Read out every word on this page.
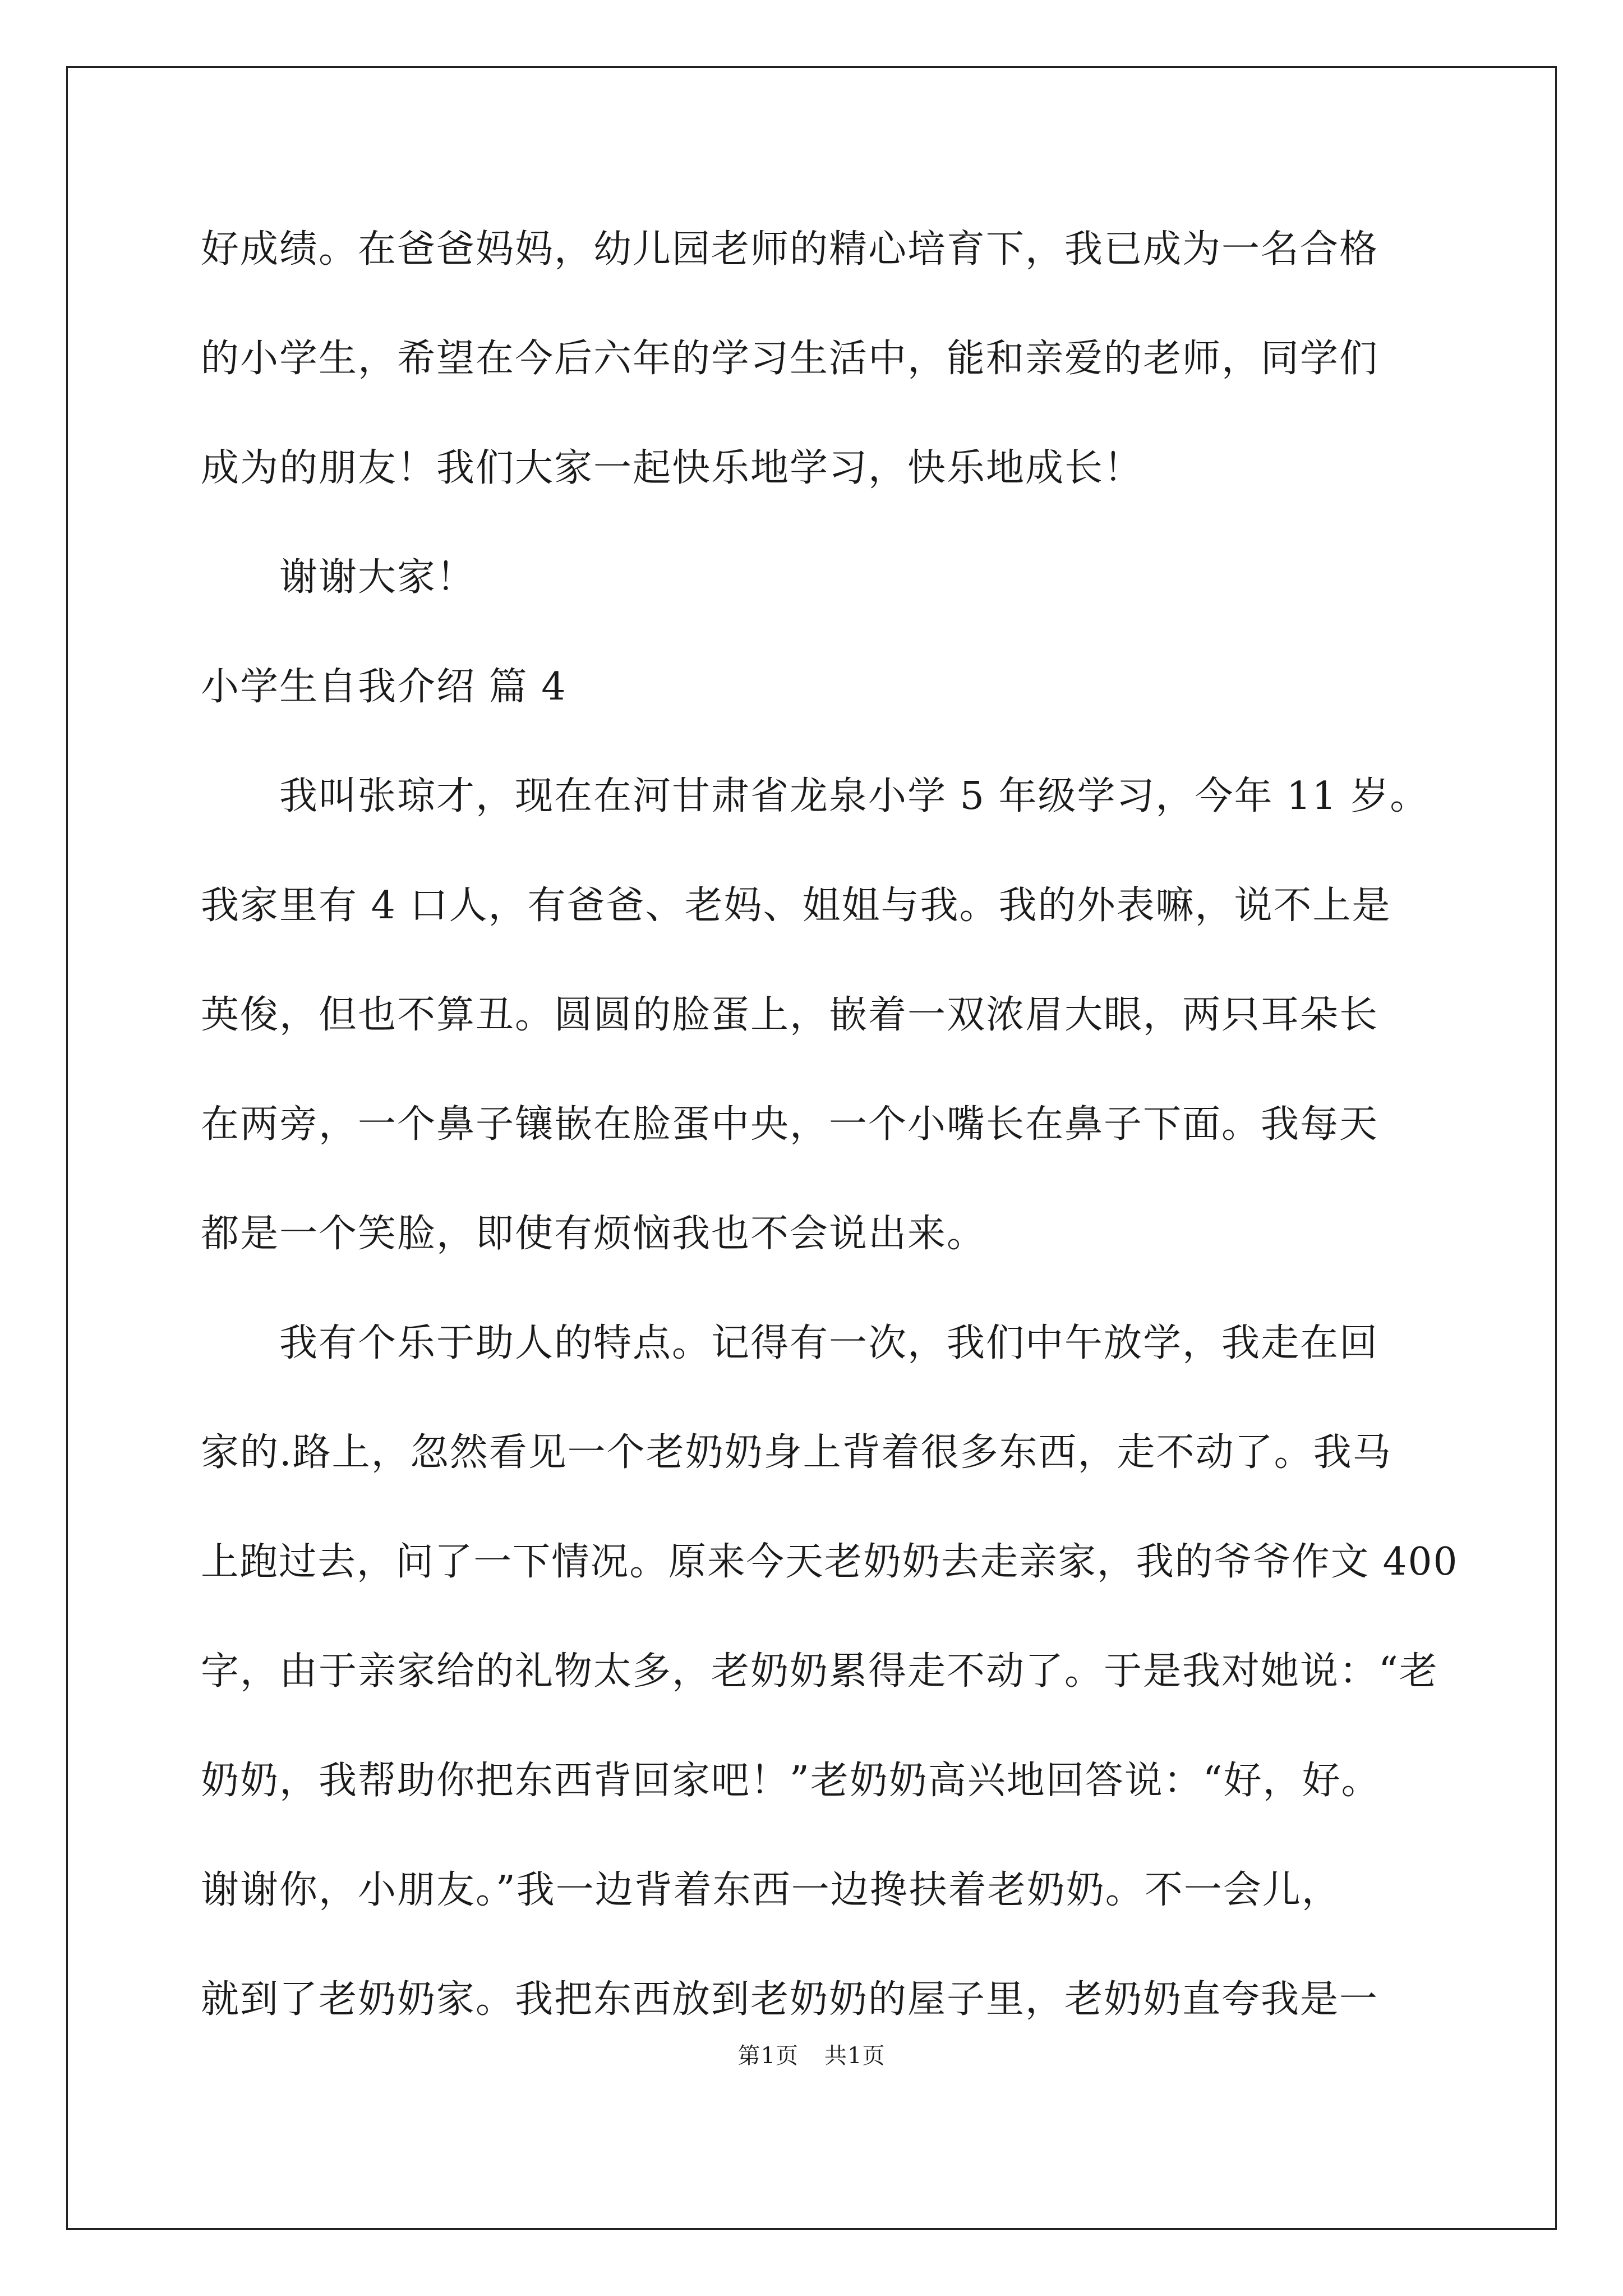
好成绩。在爸爸妈妈，幼儿园老师的精心培育下，我已成为一名合格
的小学生，希望在今后六年的学习生活中，能和亲爱的老师，同学们
成为的朋友！我们大家一起快乐地学习，快乐地成长！
谢谢大家！
小学生自我介绍 篇 4
我叫张琼才，现在在河甘肃省龙泉小学 5 年级学习，今年 11 岁。
我家里有 4 口人，有爸爸、老妈、姐姐与我。我的外表嘛，说不上是
英俊，但也不算丑。圆圆的脸蛋上，嵌着一双浓眉大眼，两只耳朵长
在两旁，一个鼻子镶嵌在脸蛋中央，一个小嘴长在鼻子下面。我每天
都是一个笑脸，即使有烦恼我也不会说出来。
我有个乐于助人的特点。记得有一次，我们中午放学，我走在回
家的.路上，忽然看见一个老奶奶身上背着很多东西，走不动了。我马
上跑过去，问了一下情况。原来今天老奶奶去走亲家，我的爷爷作文 400
字，由于亲家给的礼物太多，老奶奶累得走不动了。于是我对她说：“老
奶奶，我帮助你把东西背回家吧！”老奶奶高兴地回答说：“好，好。
谢谢你，小朋友。”我一边背着东西一边搀扶着老奶奶。不一会儿，
就到了老奶奶家。我把东西放到老奶奶的屋子里，老奶奶直夸我是一
第1页 共1页
